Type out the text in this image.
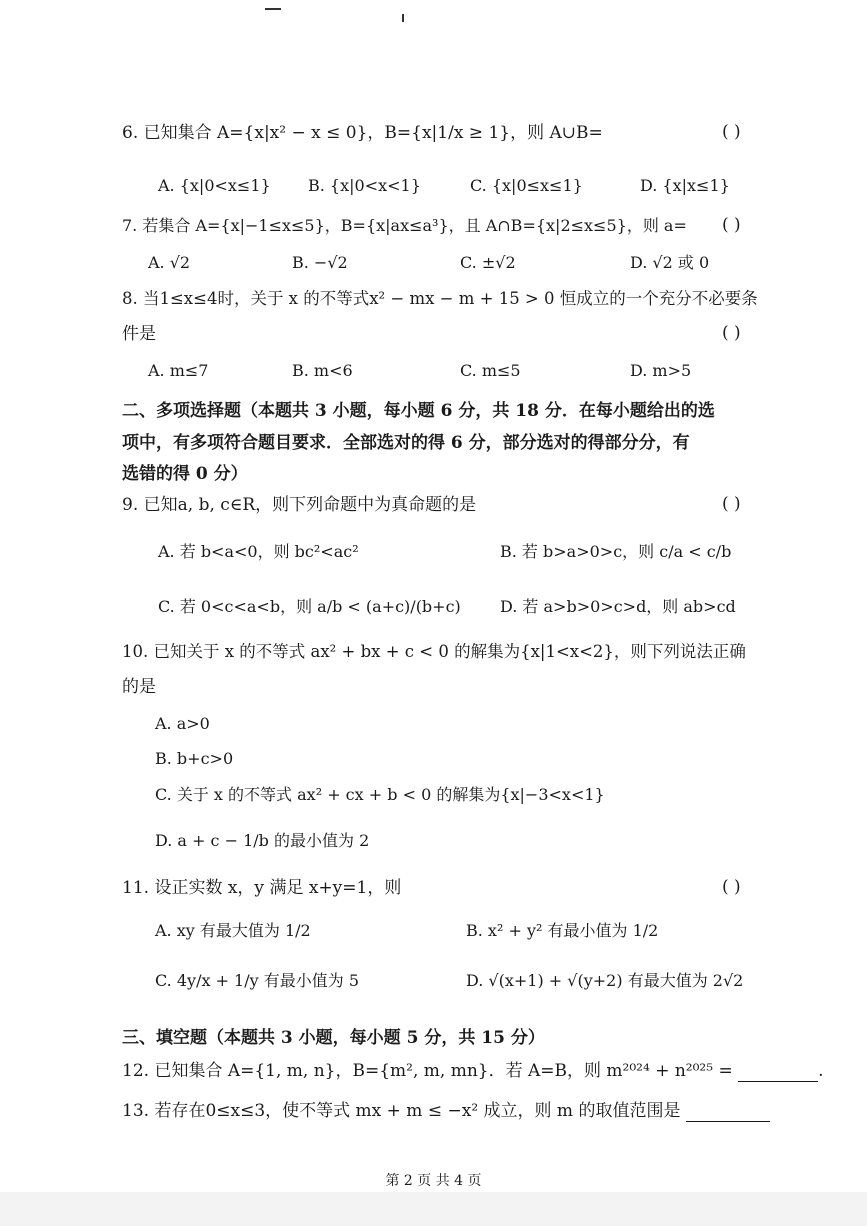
6. 已知集合 A={x|x² − x ≤ 0}，B={x|1/x ≥ 1}，则 A∪B=	( )
A. {x|0<x≤1} B. {x|0<x<1}	C. {x|0≤x≤1}	D. {x|x≤1}
7. 若集合 A={x|−1≤x≤5}，B={x|ax≤a³}，且 A∩B={x|2≤x≤5}，则 a= ( )
A. √2	B. −√2	C. ±√2	D. √2 或 0
8. 当1≤x≤4时，关于 x 的不等式x² − mx − m + 15 > 0 恒成立的一个充分不必要条
件是	( )
A. m≤7	B. m<6	C. m≤5	D. m>5
二、多项选择题（本题共 3 小题，每小题 6 分，共 18 分．在每小题给出的选
项中，有多项符合题目要求．全部选对的得 6 分，部分选对的得部分分，有
选错的得 0 分）
9. 已知a, b, c∈R，则下列命题中为真命题的是	( )
A. 若 b<a<0，则 bc²<ac²	B. 若 b>a>0>c，则 c/a < c/b
C. 若 0<c<a<b，则 a/b < (a+c)/(b+c) D. 若 a>b>0>c>d，则 ab>cd
10. 已知关于 x 的不等式 ax² + bx + c < 0 的解集为{x|1<x<2}，则下列说法正确
的是
A. a>0
B. b+c>0
C. 关于 x 的不等式 ax² + cx + b < 0 的解集为{x|−3<x<1}
D. a + c − 1/b 的最小值为 2
11. 设正实数 x，y 满足 x+y=1，则	( )
A. xy 有最大值为 1/2	B. x² + y² 有最小值为 1/2
C. 4y/x + 1/y 有最小值为 5	D. √(x+1) + √(y+2) 有最大值为 2√2
三、填空题（本题共 3 小题，每小题 5 分，共 15 分）
12. 已知集合 A={1, m, n}，B={m², m, mn}．若 A=B，则 m²⁰²⁴ + n²⁰²⁵ =	.
13. 若存在0≤x≤3，使不等式 mx + m ≤ −x² 成立，则 m 的取值范围是
第 2 页 共 4 页
